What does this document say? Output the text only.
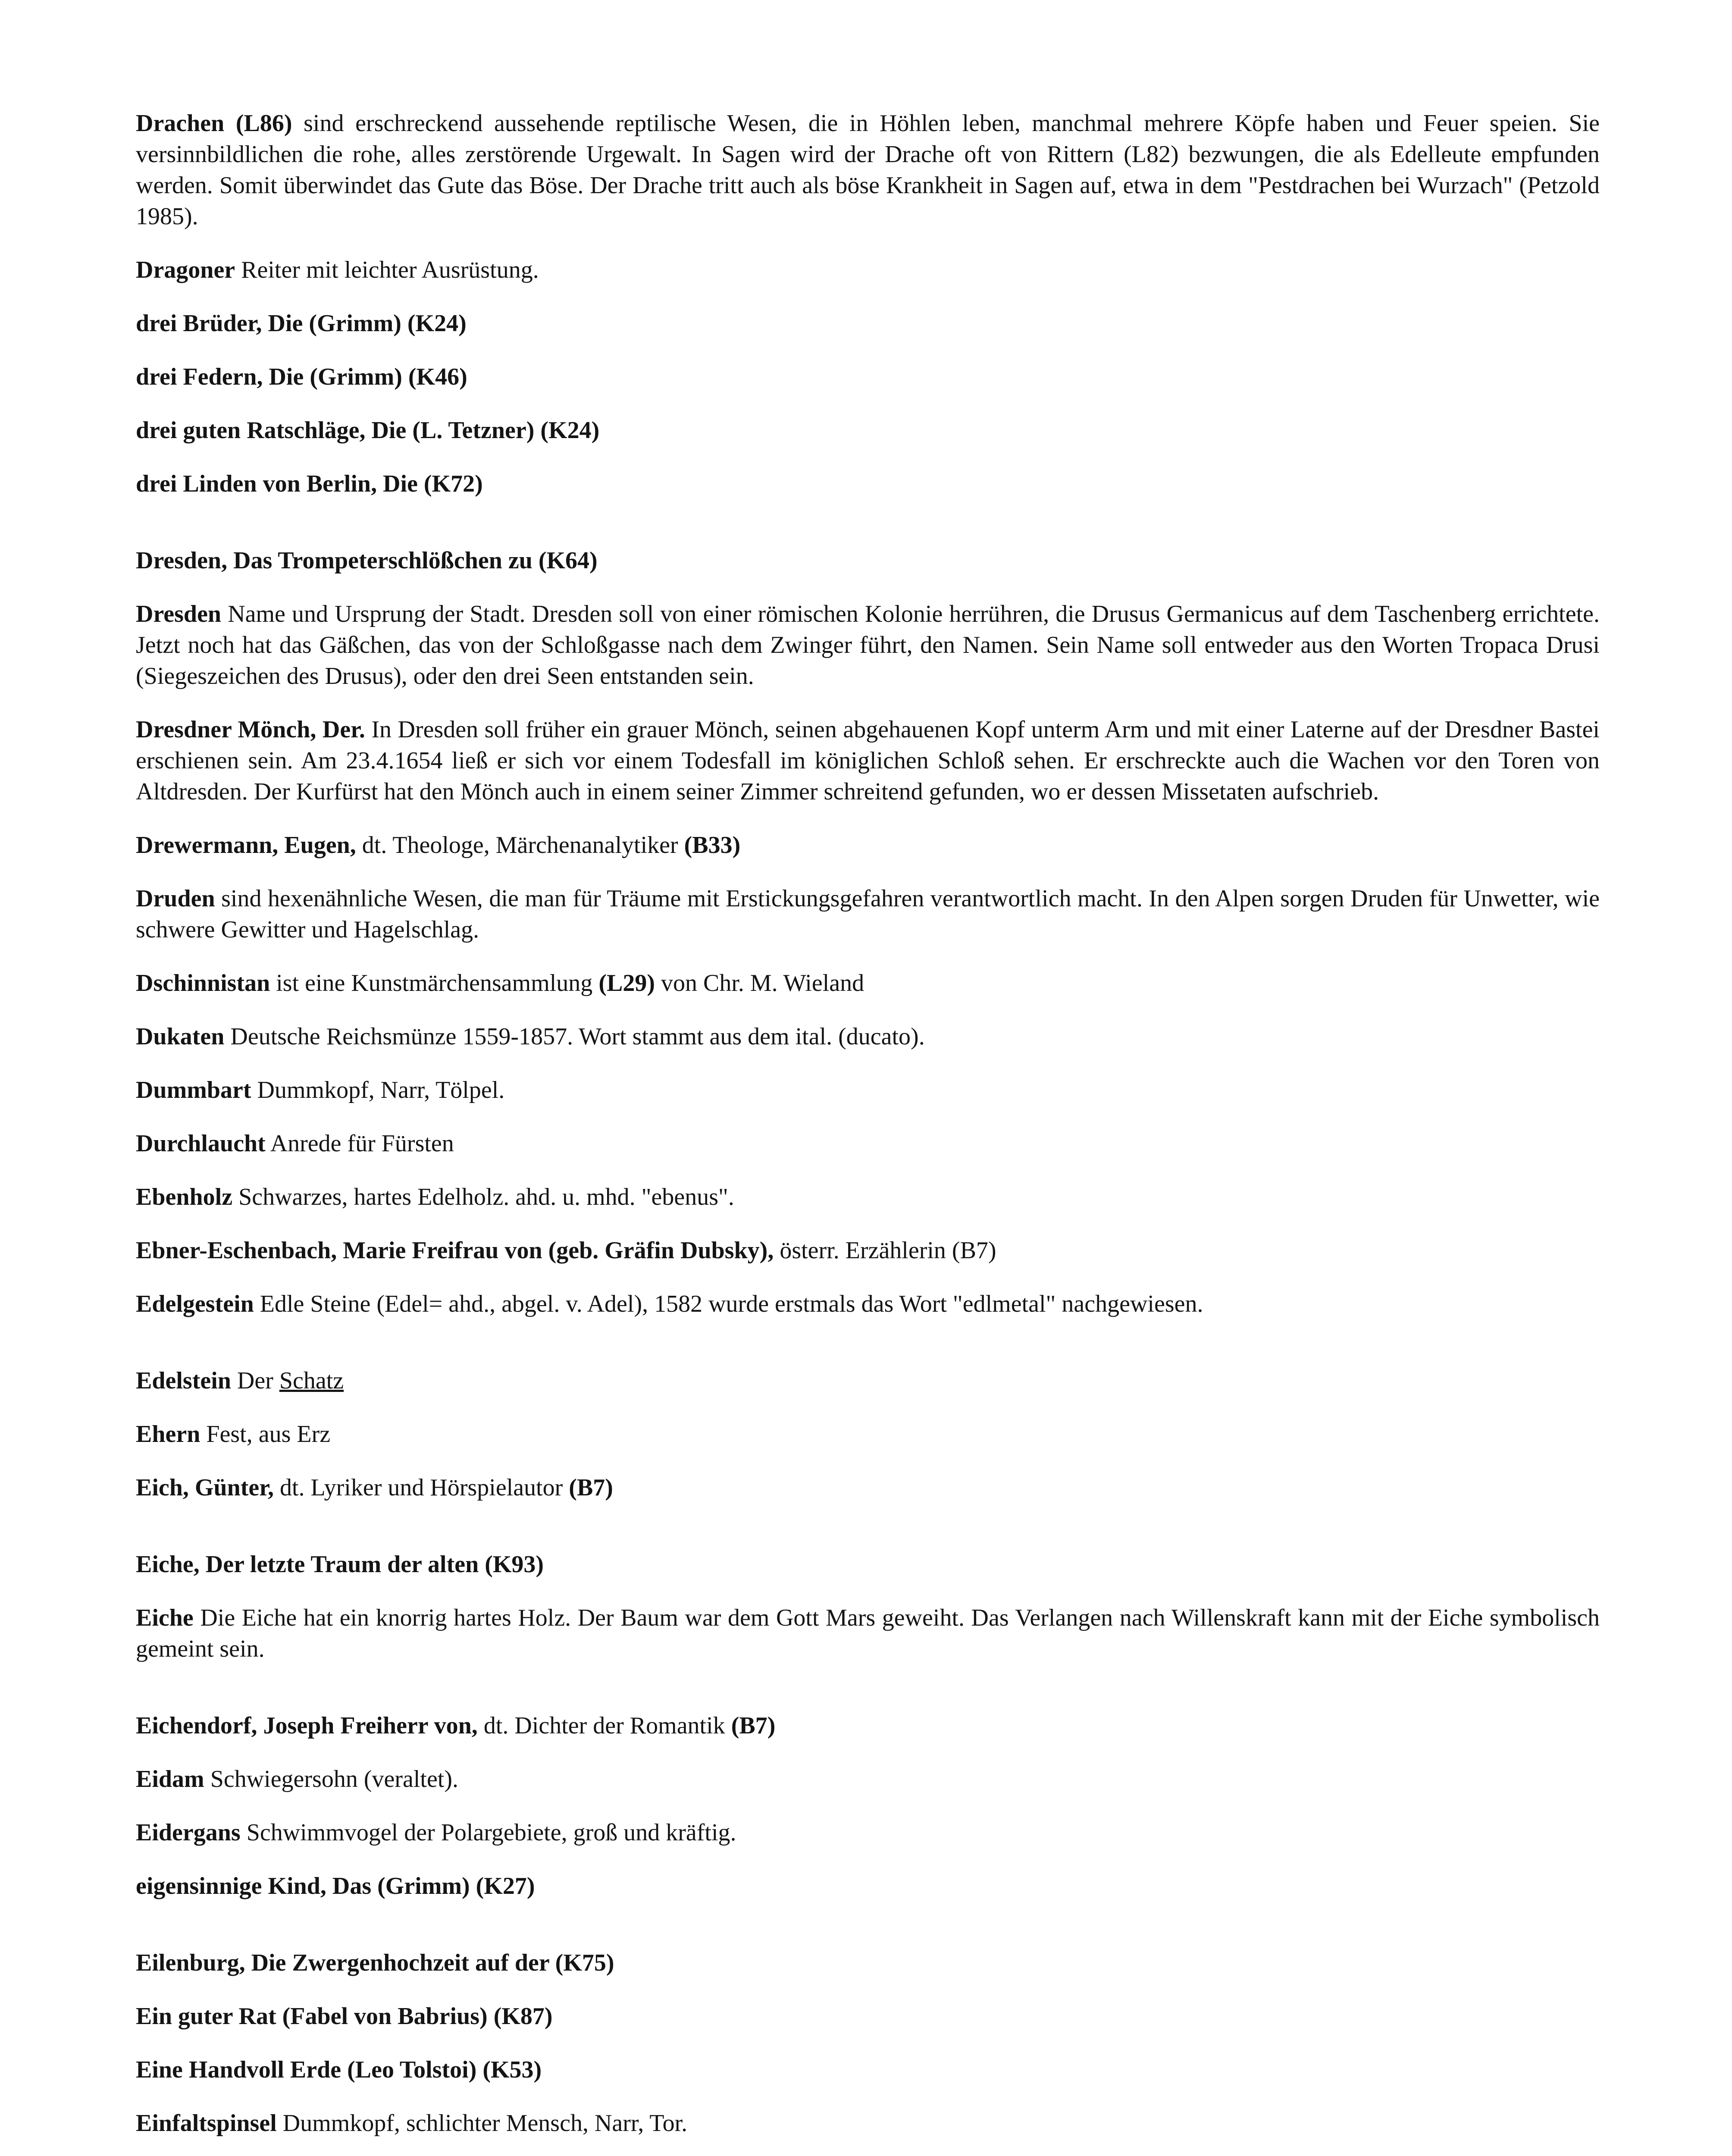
Drachen (L86) sind erschreckend aussehende reptilische Wesen, die in Höhlen leben, manchmal mehrere Köpfe haben und Feuer speien. Sie versinnbildlichen die rohe, alles zerstörende Urgewalt. In Sagen wird der Drache oft von Rittern (L82) bezwungen, die als Edelleute empfunden werden. Somit überwindet das Gute das Böse. Der Drache tritt auch als böse Krankheit in Sagen auf, etwa in dem "Pestdrachen bei Wurzach" (Petzold 1985).

Dragoner Reiter mit leichter Ausrüstung.

drei Brüder, Die (Grimm) (K24)

drei Federn, Die (Grimm) (K46)

drei guten Ratschläge, Die (L. Tetzner) (K24)

drei Linden von Berlin, Die (K72)

Dresden, Das Trompeterschlößchen zu (K64)

Dresden Name und Ursprung der Stadt. Dresden soll von einer römischen Kolonie herrühren, die Drusus Germanicus auf dem Taschenberg errichtete. Jetzt noch hat das Gäßchen, das von der Schloßgasse nach dem Zwinger führt, den Namen. Sein Name soll entweder aus den Worten Tropaca Drusi (Siegeszeichen des Drusus), oder den drei Seen entstanden sein.

Dresdner Mönch, Der. In Dresden soll früher ein grauer Mönch, seinen abgehauenen Kopf unterm Arm und mit einer Laterne auf der Dresdner Bastei erschienen sein. Am 23.4.1654 ließ er sich vor einem Todesfall im königlichen Schloß sehen. Er erschreckte auch die Wachen vor den Toren von Altdresden. Der Kurfürst hat den Mönch auch in einem seiner Zimmer schreitend gefunden, wo er dessen Missetaten aufschrieb.

Drewermann, Eugen, dt. Theologe, Märchenanalytiker (B33)

Druden sind hexenähnliche Wesen, die man für Träume mit Erstickungsgefahren verantwortlich macht. In den Alpen sorgen Druden für Unwetter, wie schwere Gewitter und Hagelschlag.

Dschinnistan ist eine Kunstmärchensammlung (L29) von Chr. M. Wieland

Dukaten Deutsche Reichsmünze 1559-1857. Wort stammt aus dem ital. (ducato).

Dummbart Dummkopf, Narr, Tölpel.

Durchlaucht Anrede für Fürsten

Ebenholz Schwarzes, hartes Edelholz. ahd. u. mhd. "ebenus".

Ebner-Eschenbach, Marie Freifrau von (geb. Gräfin Dubsky), österr. Erzählerin (B7)

Edelgestein Edle Steine (Edel= ahd., abgel. v. Adel), 1582 wurde erstmals das Wort "edlmetal" nachgewiesen.

Edelstein Der Schatz

Ehern Fest, aus Erz

Eich, Günter, dt. Lyriker und Hörspielautor (B7)

Eiche, Der letzte Traum der alten (K93)

Eiche Die Eiche hat ein knorrig hartes Holz. Der Baum war dem Gott Mars geweiht. Das Verlangen nach Willenskraft kann mit der Eiche symbolisch gemeint sein.

Eichendorf, Joseph Freiherr von, dt. Dichter der Romantik (B7)

Eidam Schwiegersohn (veraltet).

Eidergans Schwimmvogel der Polargebiete, groß und kräftig.

eigensinnige Kind, Das (Grimm) (K27)

Eilenburg, Die Zwergenhochzeit auf der (K75)

Ein guter Rat (Fabel von Babrius) (K87)

Eine Handvoll Erde (Leo Tolstoi) (K53)

Einfaltspinsel Dummkopf, schlichter Mensch, Narr, Tor.
